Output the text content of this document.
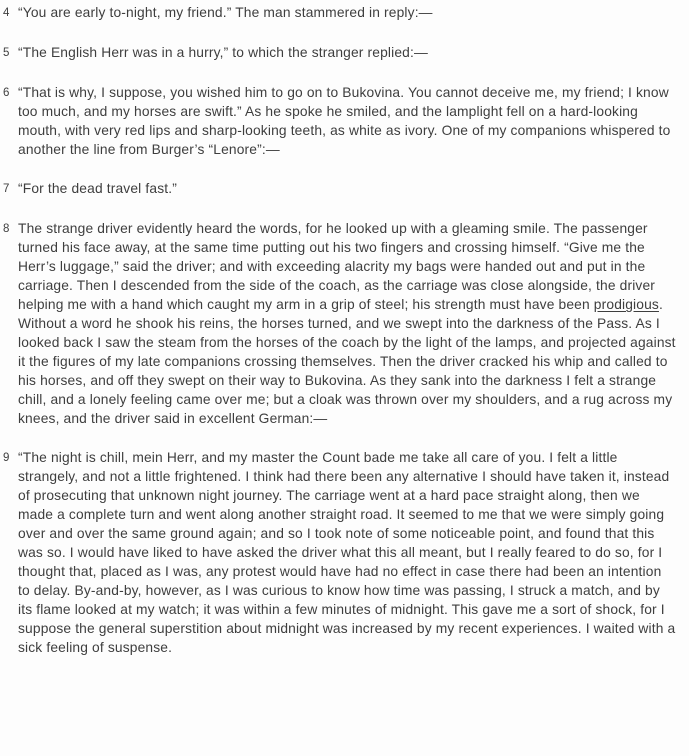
4 “You are early to-night, my friend.” The man stammered in reply:—
5 “The English Herr was in a hurry,” to which the stranger replied:—
6 “That is why, I suppose, you wished him to go on to Bukovina. You cannot deceive me, my friend; I know too much, and my horses are swift.” As he spoke he smiled, and the lamplight fell on a hard-looking mouth, with very red lips and sharp-looking teeth, as white as ivory. One of my companions whispered to another the line from Burger’s “Lenore”:—
7 “For the dead travel fast.”
8 The strange driver evidently heard the words, for he looked up with a gleaming smile. The passenger turned his face away, at the same time putting out his two fingers and crossing himself. “Give me the Herr’s luggage,” said the driver; and with exceeding alacrity my bags were handed out and put in the carriage. Then I descended from the side of the coach, as the carriage was close alongside, the driver helping me with a hand which caught my arm in a grip of steel; his strength must have been prodigious. Without a word he shook his reins, the horses turned, and we swept into the darkness of the Pass. As I looked back I saw the steam from the horses of the coach by the light of the lamps, and projected against it the figures of my late companions crossing themselves. Then the driver cracked his whip and called to his horses, and off they swept on their way to Bukovina. As they sank into the darkness I felt a strange chill, and a lonely feeling came over me; but a cloak was thrown over my shoulders, and a rug across my knees, and the driver said in excellent German:—
9 “The night is chill, mein Herr, and my master the Count bade me take all care of you. I felt a little strangely, and not a little frightened. I think had there been any alternative I should have taken it, instead of prosecuting that unknown night journey. The carriage went at a hard pace straight along, then we made a complete turn and went along another straight road. It seemed to me that we were simply going over and over the same ground again; and so I took note of some noticeable point, and found that this was so. I would have liked to have asked the driver what this all meant, but I really feared to do so, for I thought that, placed as I was, any protest would have had no effect in case there had been an intention to delay. By-and-by, however, as I was curious to know how time was passing, I struck a match, and by its flame looked at my watch; it was within a few minutes of midnight. This gave me a sort of shock, for I suppose the general superstition about midnight was increased by my recent experiences. I waited with a sick feeling of suspense.
